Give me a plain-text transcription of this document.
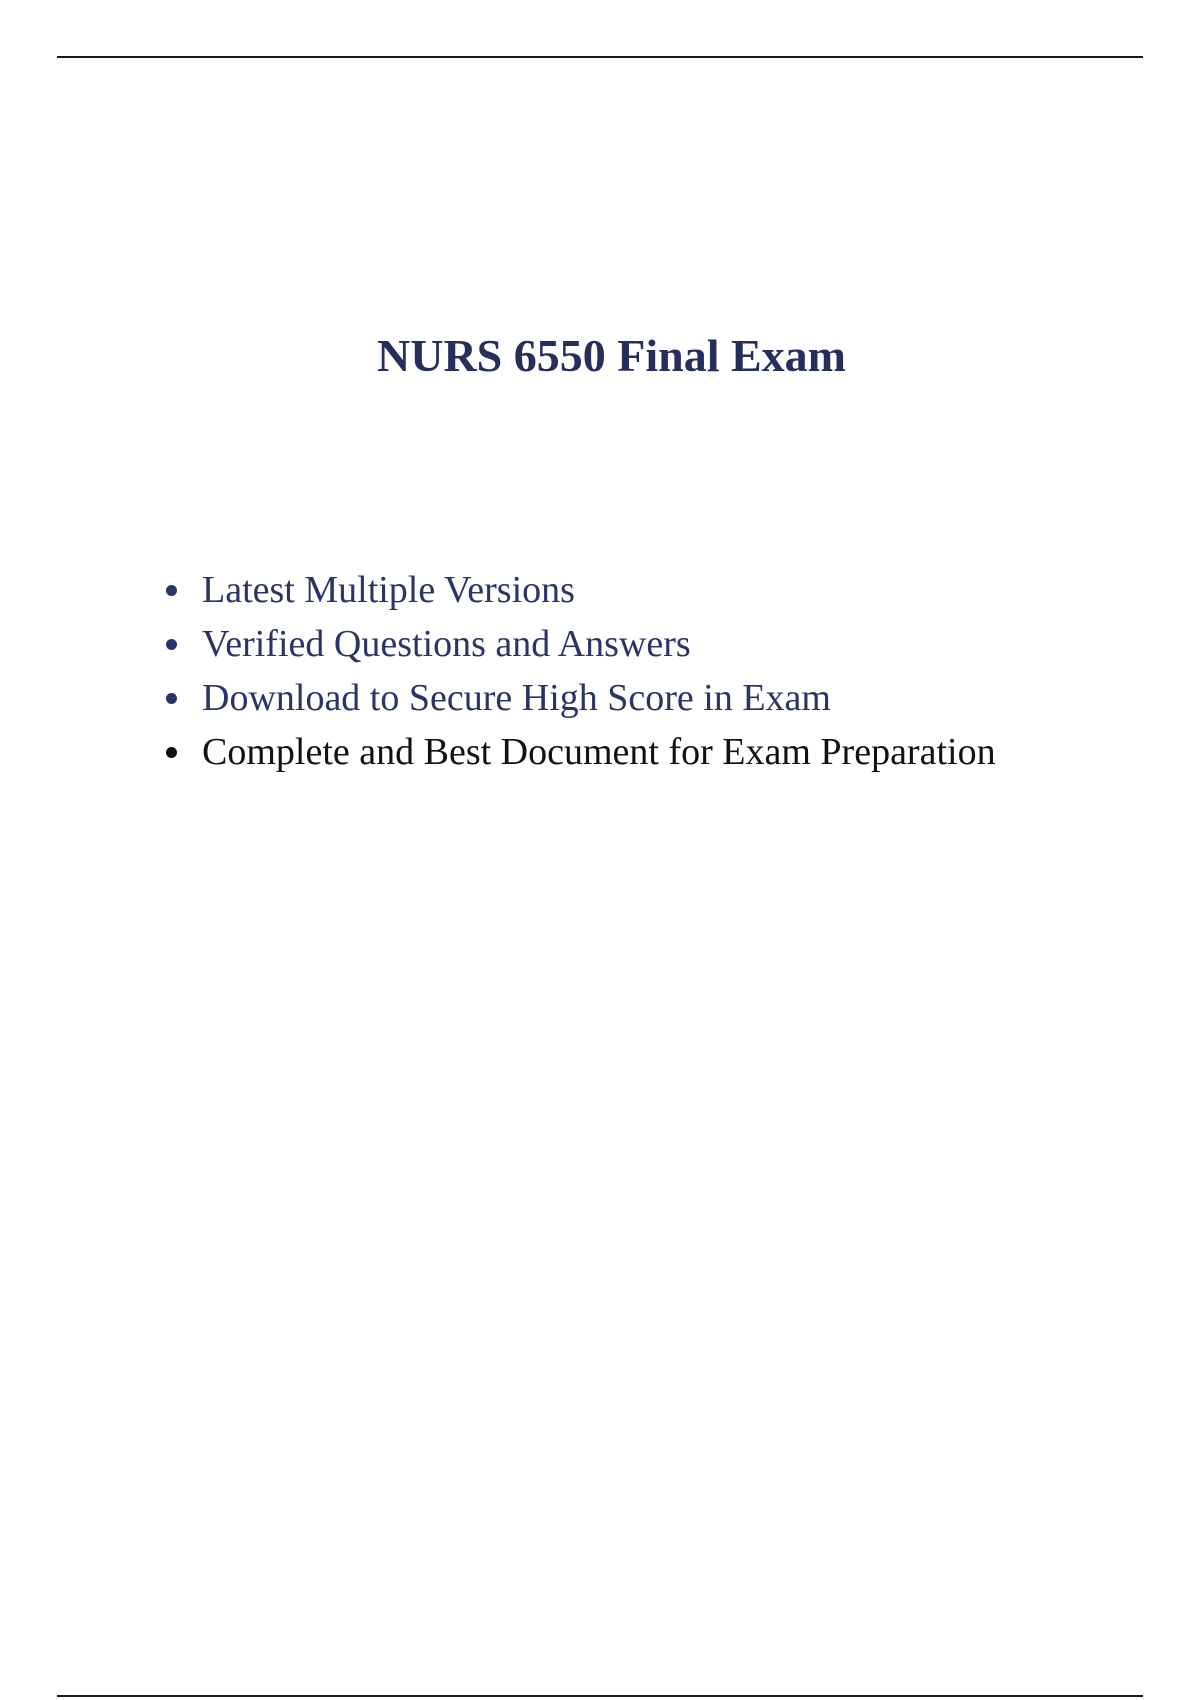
NURS 6550 Final Exam
Latest Multiple Versions
Verified Questions and Answers
Download to Secure High Score in Exam
Complete and Best Document for Exam Preparation
